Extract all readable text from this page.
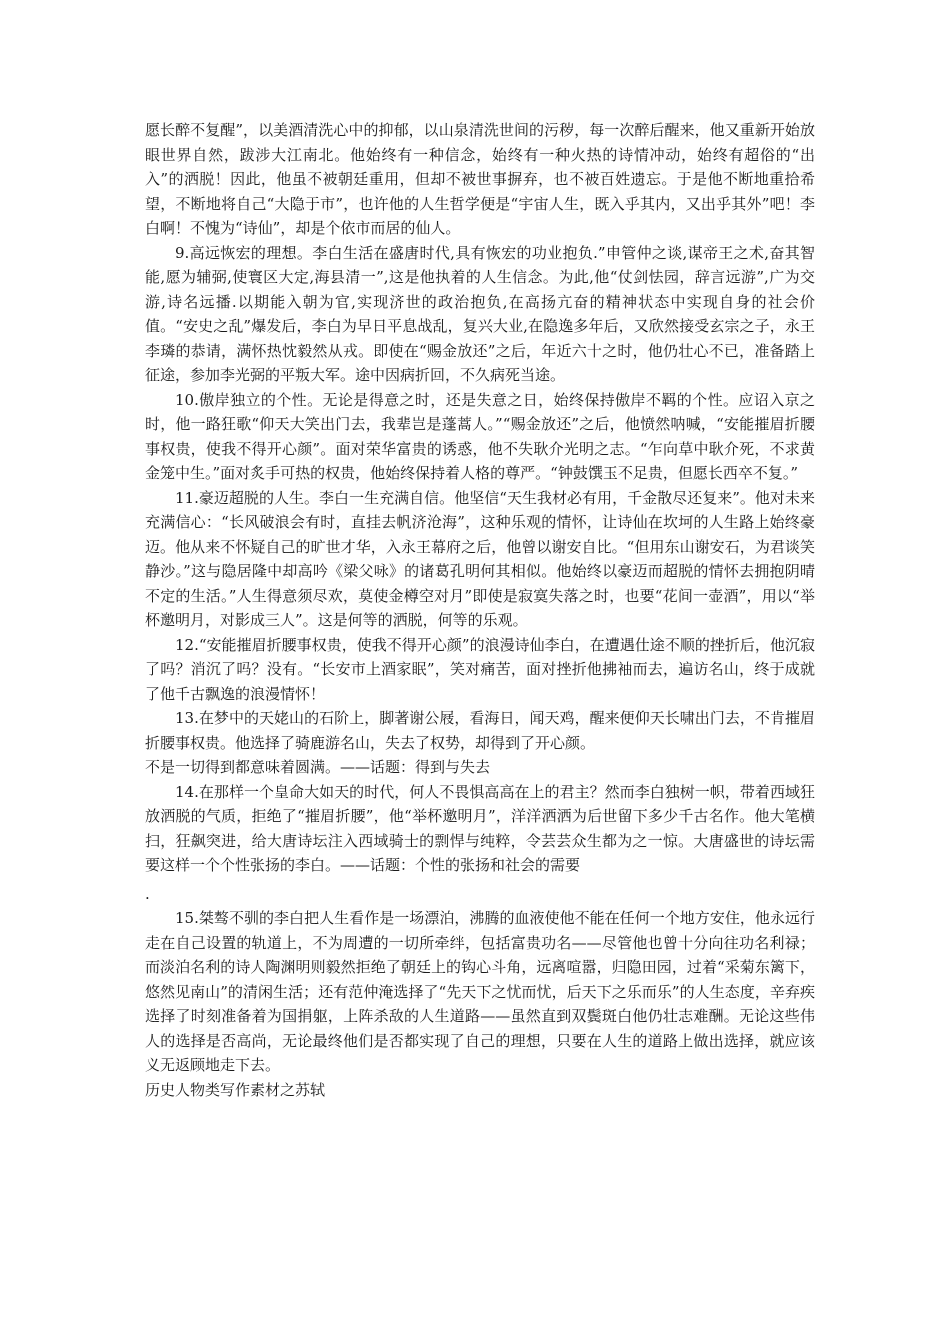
愿长醉不复醒”，以美酒清洗心中的抑郁，以山泉清洗世间的污秽，每一次醉后醒来，他又重新开始放眼世界自然，跋涉大江南北。他始终有一种信念，始终有一种火热的诗情冲动，始终有超俗的“出入”的洒脱！因此，他虽不被朝廷重用，但却不被世事摒弃，也不被百姓遗忘。于是他不断地重拾希望，不断地将自己“大隐于市”，也许他的人生哲学便是“宇宙人生，既入乎其内，又出乎其外”吧！李白啊！不愧为“诗仙”，却是个依市而居的仙人。

9.高远恢宏的理想。李白生活在盛唐时代,具有恢宏的功业抱负.”申管仲之谈,谋帝王之术,奋其智能,愿为辅弼,使寰区大定,海县清一”,这是他执着的人生信念。为此,他“仗剑怯园，辞言远游”,广为交游,诗名远播.以期能入朝为官,实现济世的政治抱负,在高扬亢奋的精神状态中实现自身的社会价值。“安史之乱”爆发后，李白为早日平息战乱，复兴大业,在隐逸多年后，又欣然接受玄宗之子，永王李璘的恭请，满怀热忱毅然从戎。即使在“赐金放还”之后，年近六十之时，他仍壮心不已，准备踏上征途，参加李光弼的平叛大军。途中因病折回，不久病死当途。

10.傲岸独立的个性。无论是得意之时，还是失意之日，始终保持傲岸不羁的个性。应诏入京之时，他一路狂歌“仰天大笑出门去，我辈岂是蓬蒿人。”“赐金放还”之后，他愤然呐喊，“安能摧眉折腰事权贵，使我不得开心颜”。面对荣华富贵的诱惑，他不失耿介光明之志。“乍向草中耿介死，不求黄金笼中生。”面对炙手可热的权贵，他始终保持着人格的尊严。“钟鼓馔玉不足贵，但愿长西卒不复。”

11.豪迈超脱的人生。李白一生充满自信。他坚信“天生我材必有用，千金散尽还复来”。他对未来充满信心：“长风破浪会有时，直挂去帆济沧海”，这种乐观的情怀，让诗仙在坎坷的人生路上始终豪迈。他从来不怀疑自己的旷世才华，入永王幕府之后，他曾以谢安自比。“但用东山谢安石，为君谈笑静沙。”这与隐居隆中却高吟《梁父咏》的诸葛孔明何其相似。他始终以豪迈而超脱的情怀去拥抱阴晴不定的生活。”人生得意须尽欢，莫使金樽空对月”即使是寂寞失落之时，也要“花间一壶酒”，用以“举杯邀明月，对影成三人”。这是何等的洒脱，何等的乐观。

12.“安能摧眉折腰事权贵，使我不得开心颜”的浪漫诗仙李白，在遭遇仕途不顺的挫折后，他沉寂了吗？消沉了吗？没有。“长安市上酒家眠”，笑对痛苦，面对挫折他拂袖而去，遍访名山，终于成就了他千古飘逸的浪漫情怀！

13.在梦中的天姥山的石阶上，脚著谢公屐，看海日，闻天鸡，醒来便仰天长啸出门去，不肯摧眉折腰事权贵。他选择了骑鹿游名山，失去了权势，却得到了开心颜。

不是一切得到都意味着圆满。——话题：得到与失去

14.在那样一个皇命大如天的时代，何人不畏惧高高在上的君主？然而李白独树一帜，带着西域狂放洒脱的气质，拒绝了“摧眉折腰”，他“举杯邀明月”，洋洋洒洒为后世留下多少千古名作。他大笔横扫，狂飙突进，给大唐诗坛注入西域骑士的剽悍与纯粹，令芸芸众生都为之一惊。大唐盛世的诗坛需要这样一个个性张扬的李白。——话题：个性的张扬和社会的需要

.

15.桀骜不驯的李白把人生看作是一场漂泊，沸腾的血液使他不能在任何一个地方安住，他永远行走在自己设置的轨道上，不为周遭的一切所牵绊，包括富贵功名——尽管他也曾十分向往功名利禄；而淡泊名利的诗人陶渊明则毅然拒绝了朝廷上的钩心斗角，远离喧嚣，归隐田园，过着“采菊东篱下，悠然见南山”的清闲生活；还有范仲淹选择了“先天下之忧而忧，后天下之乐而乐”的人生态度，辛弃疾选择了时刻准备着为国捐躯，上阵杀敌的人生道路——虽然直到双鬓斑白他仍壮志难酬。无论这些伟人的选择是否高尚，无论最终他们是否都实现了自己的理想，只要在人生的道路上做出选择，就应该义无返顾地走下去。

历史人物类写作素材之苏轼
